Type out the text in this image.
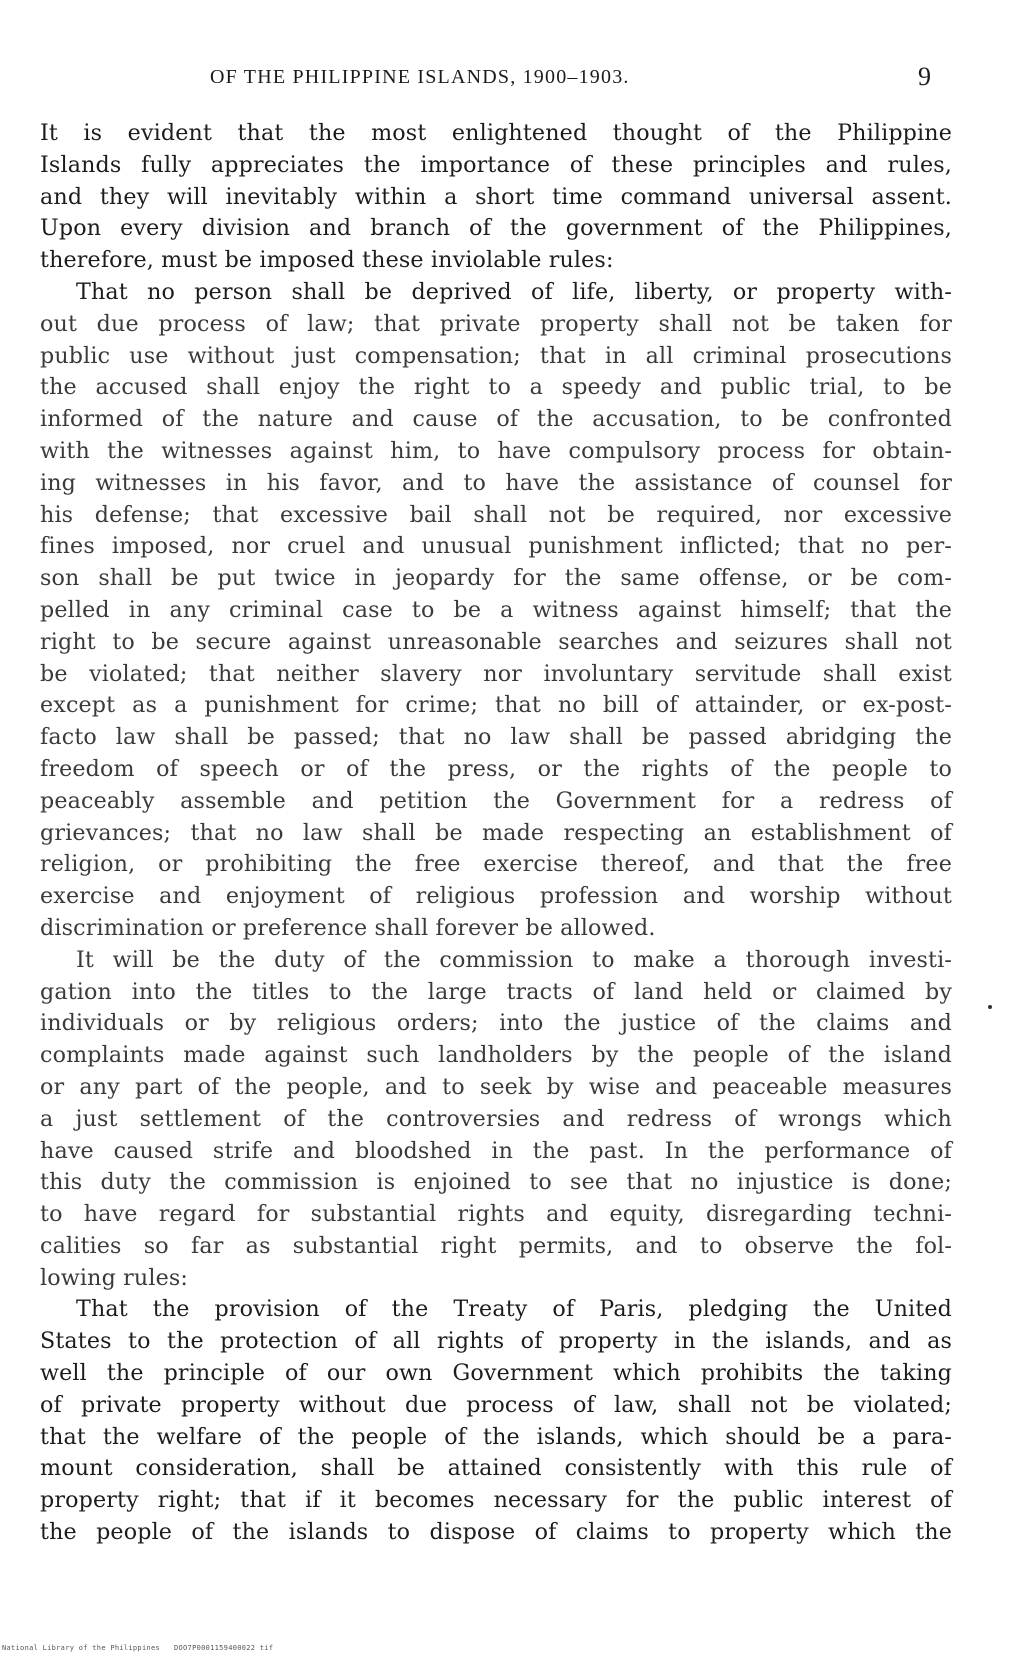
OF THE PHILIPPINE ISLANDS, 1900–1903.	9
It is evident that the most enlightened thought of the Philippine
Islands fully appreciates the importance of these principles and rules,
and they will inevitably within a short time command universal assent.
Upon every division and branch of the government of the Philippines,
therefore, must be imposed these inviolable rules:
That no person shall be deprived of life, liberty, or property with-
out due process of law; that private property shall not be taken for
public use without just compensation; that in all criminal prosecutions
the accused shall enjoy the right to a speedy and public trial, to be
informed of the nature and cause of the accusation, to be confronted
with the witnesses against him, to have compulsory process for obtain-
ing witnesses in his favor, and to have the assistance of counsel for
his defense; that excessive bail shall not be required, nor excessive
fines imposed, nor cruel and unusual punishment inflicted; that no per-
son shall be put twice in jeopardy for the same offense, or be com-
pelled in any criminal case to be a witness against himself; that the
right to be secure against unreasonable searches and seizures shall not
be violated; that neither slavery nor involuntary servitude shall exist
except as a punishment for crime; that no bill of attainder, or ex-post-
facto law shall be passed; that no law shall be passed abridging the
freedom of speech or of the press, or the rights of the people to
peaceably assemble and petition the Government for a redress of
grievances; that no law shall be made respecting an establishment of
religion, or prohibiting the free exercise thereof, and that the free
exercise and enjoyment of religious profession and worship without
discrimination or preference shall forever be allowed.
It will be the duty of the commission to make a thorough investi-
gation into the titles to the large tracts of land held or claimed by
individuals or by religious orders; into the justice of the claims and
complaints made against such landholders by the people of the island
or any part of the people, and to seek by wise and peaceable measures
a just settlement of the controversies and redress of wrongs which
have caused strife and bloodshed in the past. In the performance of
this duty the commission is enjoined to see that no injustice is done;
to have regard for substantial rights and equity, disregarding techni-
calities so far as substantial right permits, and to observe the fol-
lowing rules:
That the provision of the Treaty of Paris, pledging the United
States to the protection of all rights of property in the islands, and as
well the principle of our own Government which prohibits the taking
of private property without due process of law, shall not be violated;
that the welfare of the people of the islands, which should be a para-
mount consideration, shall be attained consistently with this rule of
property right; that if it becomes necessary for the public interest of
the people of the islands to dispose of claims to property which the
National Library of the Philippines DOO7P0001159400022 tif
